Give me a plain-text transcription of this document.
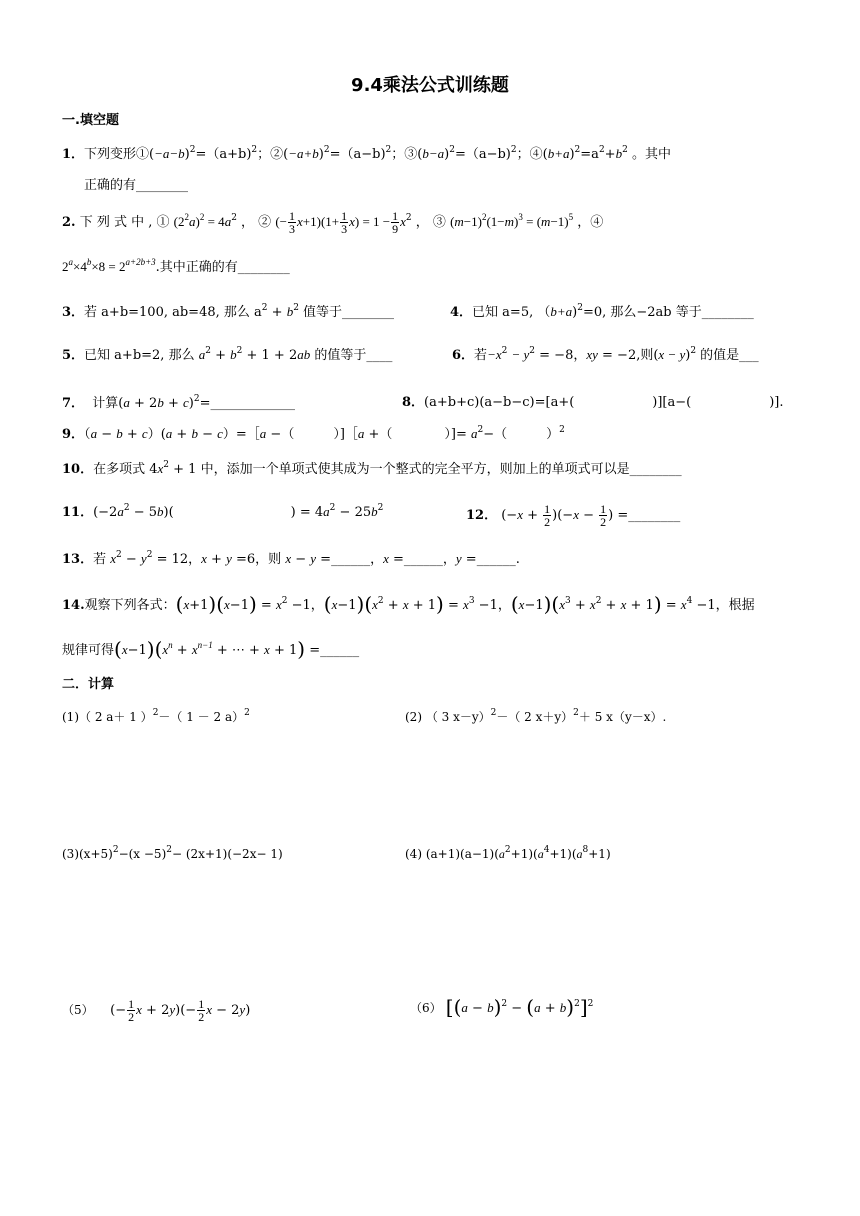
9.4乘法公式训练题
一.填空题
1．下列变形$①(-a-b)^2=(a+b)^2$；$②(-a+b)^2=(a-b)^2$；$③(b-a)^2=(a-b)^2$；$④(b+a)^2=a^2+b^2$ 。其中
正确的有________
2. 下 列 式 中 , ① $(2^2a)^2 = 4a^2$ ， ② (− $\frac{1}{3} x+1)(1+ \frac{1}{3} x) = 1 - \frac{1}{9} x^2$ ， ③ $(m-1)^2(1-m)^3 = (m-1)^5$ ，④
$2^a\times 4^b\times 8 = 2^{a+2b+3}$.其中正确的有________
3．若 a+b=100, ab=48, 那么 $a^2 + b^2$ 值等于________	4．已知 a=5, （b+a)$^2$=0, 那么−2ab 等于________
5．已知 a+b=2, 那么 $a^2 + b^2 + 1 + 2ab$ 的值等于____	6．若$-x^2 - y^2 = -8$，xy = −2,则$(x - y)^2$ 的值是___
7．  计算$(a + 2b + c)^2=\_\_\_\_\_\_\_\_\_\_\_\_\_$	8．(a+b+c)(a−b−c)=[a+(　　　　　　)][a−(　　　　　　)].
9．（a − b + c）(a + b − c）=［a −（　　　）]［a +（　　　　）]= $a^2-$（　　　）$^2$
10．在多项式 $4x^2 + 1$ 中，添加一个单项式使其成为一个整式的完全平方，则加上的单项式可以是________
11．$(-2a^2 - 5b)$(　　　　　　　　　) = $4a^2 - 25b^2$	12． $(-x + \frac{1}{2} )(-x - \frac{1}{2}$ ) =________
13．若 $x^2 - y^2 = 12$，x + y =6，则 x − y =______，x =______，y =______.
14.观察下列各式：$(x+1)(x-1) = x^2 -1$，$(x-1)(x^2 + x + 1) = x^3 -1$，$(x-1)(x^3 + x^2 + x + 1) = x^4 -1$，根据
规律可得$(x-1)(x^n + x^{n-1}$ + ⋯ + x + 1) =______
二．计算
(1)（ 2 a＋ 1 ）$^2$－（ 1 － 2 a）$^2$	(2) （ 3 x－y）$^2$－（ 2 x＋y）$^2$＋ 5 x（y－x）.
$(3)(x+5)^2-(x -5)^2- (2x+1)(-2x- 1)$	(4) $(a+1)(a-1)(a^2+1)(a^4+1)(a^8+1)$
（5）    (− $\frac{1}{2}$ $x + 2y)(- \frac{1}{2}$ x − 2y)	（6） $[(a - b)^2 - (a + b)^2]^2$
